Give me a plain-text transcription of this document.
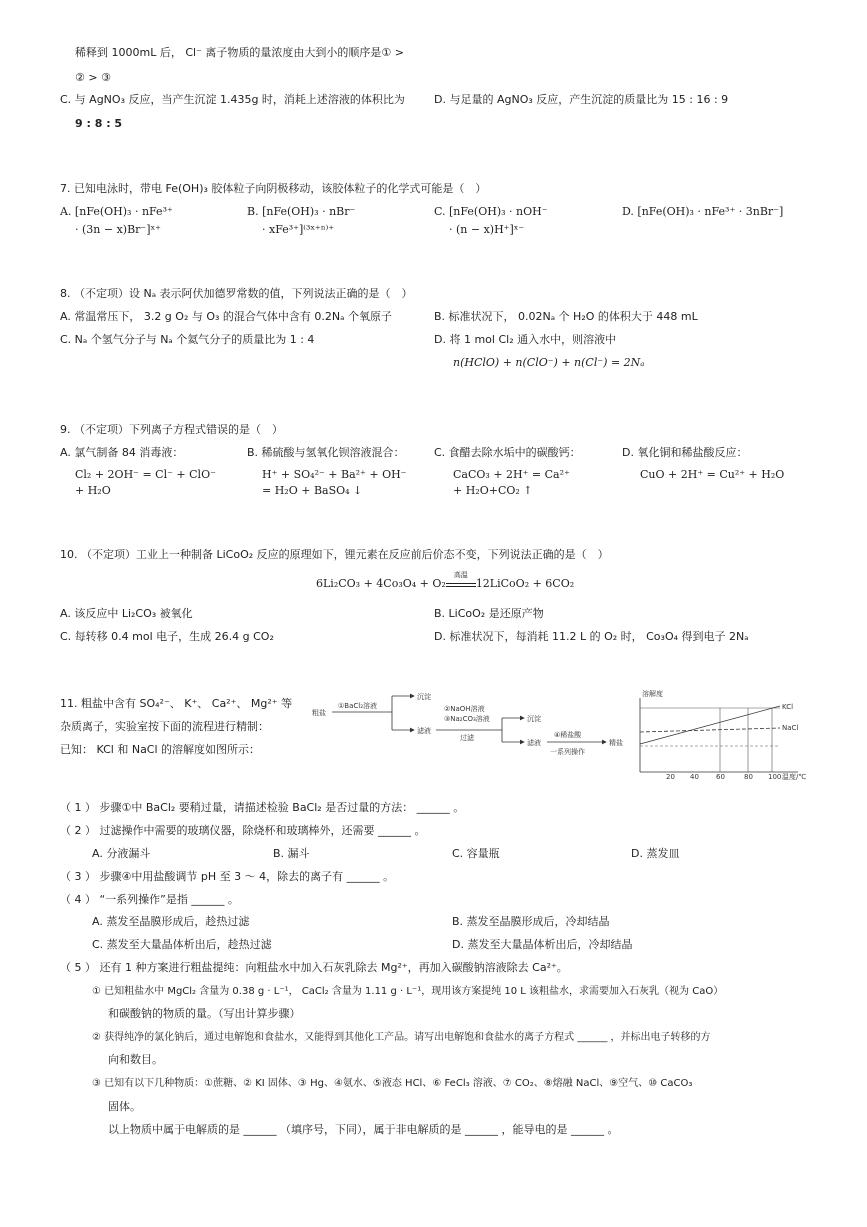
稀释到 1000mL 后， Cl⁻ 离子物质的量浓度由大到小的顺序是① >
② > ③
C. 与 AgNO₃ 反应，当产生沉淀 1.435g 时，消耗上述溶液的体积比为
9 : 8 : 5
D. 与足量的 AgNO₃ 反应，产生沉淀的质量比为 15 : 16 : 9
7. 已知电泳时，带电 Fe(OH)₃ 胶体粒子向阴极移动，该胶体粒子的化学式可能是（　）
A. [nFe(OH)₃ · nFe³⁺
· (3n − x)Br⁻]ˣ⁺
B. [nFe(OH)₃ · nBr⁻
· xFe³⁺]⁽³ˣ⁺ⁿ⁾⁺
C. [nFe(OH)₃ · nOH⁻
· (n − x)H⁺]ˣ⁻
D. [nFe(OH)₃ · nFe³⁺ · 3nBr⁻]
8. （不定项）设 Nₐ 表示阿伏加德罗常数的值，下列说法正确的是（　）
A. 常温常压下， 3.2 g O₂ 与 O₃ 的混合气体中含有 0.2Nₐ 个氧原子	B. 标准状况下， 0.02Nₐ 个 H₂O 的体积大于 448 mL
C. Nₐ 个氢气分子与 Nₐ 个氦气分子的质量比为 1 : 4	D. 将 1 mol Cl₂ 通入水中，则溶液中
n(HClO) + n(ClO⁻) + n(Cl⁻) = 2Nₐ
9. （不定项）下列离子方程式错误的是（　）
A. 氯气制备 84 消毒液：
Cl₂ + 2OH⁻ = Cl⁻ + ClO⁻
+ H₂O
B. 稀硫酸与氢氧化钡溶液混合：
H⁺ + SO₄²⁻ + Ba²⁺ + OH⁻
= H₂O + BaSO₄ ↓
C. 食醋去除水垢中的碳酸钙：
CaCO₃ + 2H⁺ = Ca²⁺
+ H₂O+CO₂ ↑
D. 氧化铜和稀盐酸反应：
CuO + 2H⁺ = Cu²⁺ + H₂O
10. （不定项）工业上一种制备 LiCoO₂ 反应的原理如下，锂元素在反应前后价态不变，下列说法正确的是（　）
6Li₂CO₃ + 4Co₃O₄ + O₂
高温
12LiCoO₂ + 6CO₂
A. 该反应中 Li₂CO₃ 被氧化	B. LiCoO₂ 是还原产物
C. 每转移 0.4 mol 电子，生成 26.4 g CO₂	D. 标准状况下，每消耗 11.2 L 的 O₂ 时， Co₃O₄ 得到电子 2Nₐ
11. 粗盐中含有 SO₄²⁻、 K⁺、 Ca²⁺、 Mg²⁺ 等
杂质离子，实验室按下面的流程进行精制：
已知： KCl 和 NaCl 的溶解度如图所示：
粗盐
①BaCl₂溶液
沉淀
滤液
②NaOH溶液
③Na₂CO₃溶液
过滤
沉淀
滤液
④稀盐酸
一系列操作
精盐
溶解度
KCl
NaCl
20 40 60	80 100 温度/℃
（ 1 ） 步骤①中 BaCl₂ 要稍过量，请描述检验 BaCl₂ 是否过量的方法： ______ 。
（ 2 ） 过滤操作中需要的玻璃仪器，除烧杯和玻璃棒外，还需要 ______ 。
A. 分液漏斗	B. 漏斗	C. 容量瓶	D. 蒸发皿
（ 3 ） 步骤④中用盐酸调节 pH 至 3 ～ 4，除去的离子有 ______ 。
（ 4 ） “一系列操作”是指 ______ 。
A. 蒸发至晶膜形成后，趁热过滤	B. 蒸发至晶膜形成后，冷却结晶
C. 蒸发至大量晶体析出后，趁热过滤	D. 蒸发至大量晶体析出后，冷却结晶
（ 5 ） 还有 1 种方案进行粗盐提纯：向粗盐水中加入石灰乳除去 Mg²⁺，再加入碳酸钠溶液除去 Ca²⁺。
① 已知粗盐水中 MgCl₂ 含量为 0.38 g · L⁻¹， CaCl₂ 含量为 1.11 g · L⁻¹，现用该方案提纯 10 L 该粗盐水，求需要加入石灰乳（视为 CaO）
和碳酸钠的物质的量。（写出计算步骤）
② 获得纯净的氯化钠后，通过电解饱和食盐水，又能得到其他化工产品。请写出电解饱和食盐水的离子方程式 ______ ，并标出电子转移的方
向和数目。
③ 已知有以下几种物质：①蔗糖、② KI 固体、③ Hg、④氨水、⑤液态 HCl、⑥ FeCl₃ 溶液、⑦ CO₂、⑧熔融 NaCl、⑨空气、⑩ CaCO₃
固体。
以上物质中属于电解质的是 ______ （填序号，下同），属于非电解质的是 ______ ，能导电的是 ______ 。
